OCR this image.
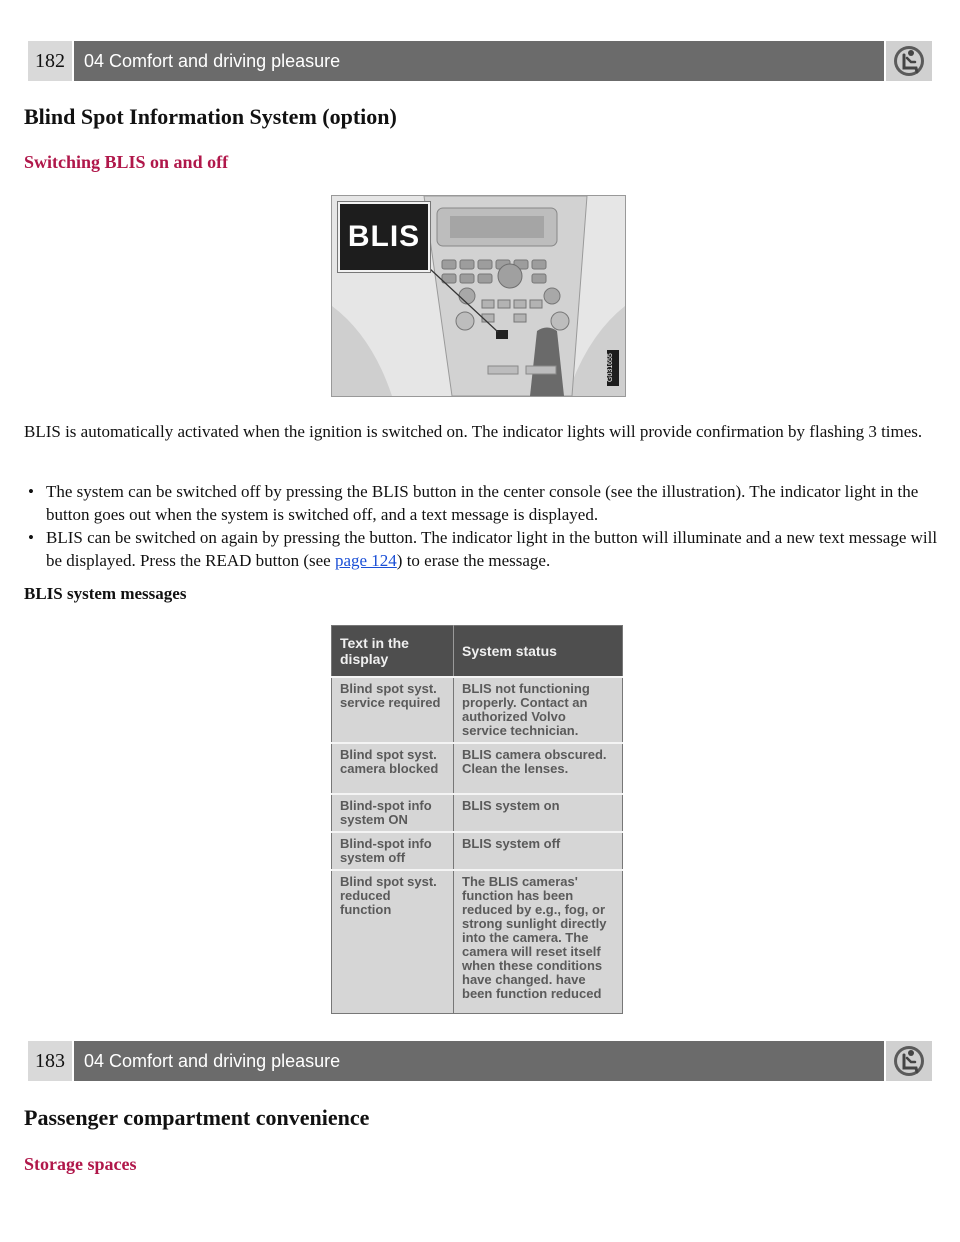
182	04 Comfort and driving pleasure
Blind Spot Information System (option)
Switching BLIS on and off
BLIS
G031655
BLIS is automatically activated when the ignition is switched on. The indicator lights will provide confirmation by flashing 3 times.
• The system can be switched off by pressing the BLIS button in the center console (see the illustration). The indicator light in the button goes out when the system is switched off, and a text message is displayed.
• BLIS can be switched on again by pressing the button. The indicator light in the button will illuminate and a new text message will be displayed. Press the READ button (see page 124) to erase the message.
BLIS system messages
Text in the display	System status
Blind spot syst. service required	BLIS not functioning properly. Contact an authorized Volvo service technician.
Blind spot syst. camera blocked	BLIS camera obscured. Clean the lenses.
Blind-spot info system ON	BLIS system on
Blind-spot info system off	BLIS system off
Blind spot syst. reduced function	The BLIS cameras' function has been reduced by e.g., fog, or strong sunlight directly into the camera. The camera will reset itself when these conditions have changed. have been function reduced
183	04 Comfort and driving pleasure
Passenger compartment convenience
Storage spaces
